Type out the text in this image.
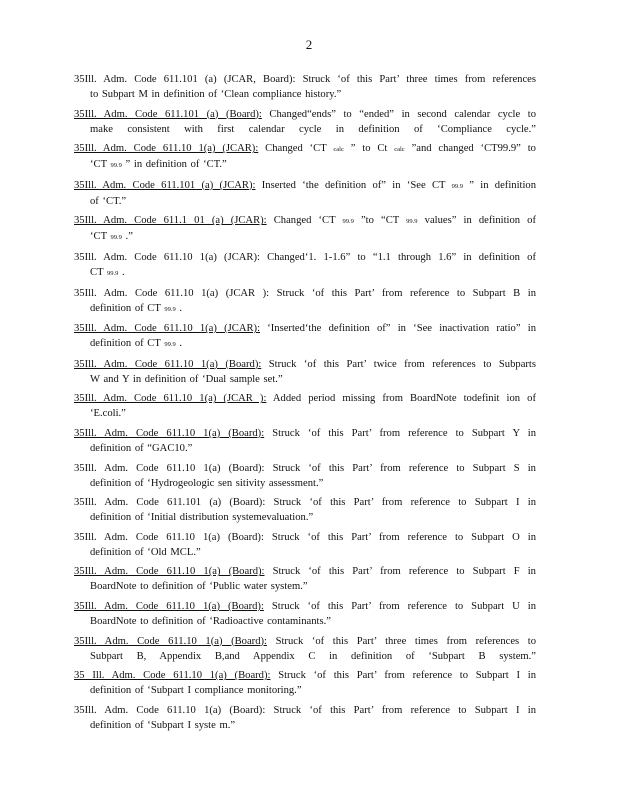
2

35Ill. Adm. Code 611.101 (a) (JCAR, Board): Struck ‘of this Part’ three times from references

to Subpart M in definition of ‘Clean compliance history.”

35Ill. Adm. Code 611.101 (a) (Board): Changed“ends” to “ended” in second calendar cycle to

make consistent with first calendar cycle in definition of ‘Compliance cycle.”

35Ill. Adm. Code 611.10 1(a) (JCAR): Changed ‘CT calc ” to Ct calc ”and changed ‘CT99.9” to

‘CT 99.9 ” in definition of ‘CT.”

35Ill. Adm. Code 611.101 (a) (JCAR): Inserted ‘the definition of” in ‘See CT 99.9 ” in definition

of ‘CT.”

35Ill. Adm. Code 611.1 01 (a) (JCAR): Changed ‘CT 99.9 ”to “CT 99.9 values” in definition of

‘CT 99.9 .”

35Ill. Adm. Code 611.10 1(a) (JCAR): Changed‘1. 1-1.6” to “1.1 through 1.6” in definition of

CT 99.9 .

35Ill. Adm. Code 611.10 1(a) (JCAR ): Struck ‘of this Part’ from reference to Subpart B in

definition of CT 99.9 .

35Ill. Adm. Code 611.10 1(a) (JCAR): ‘Inserted‘the definition of” in ‘See inactivation ratio” in

definition of CT 99.9 .

35Ill. Adm. Code 611.10 1(a) (Board): Struck ‘of this Part’ twice from references to Subparts

W and Y in definition of ‘Dual sample set.”

35Ill. Adm. Code 611.10 1(a) (JCAR ): Added period missing from BoardNote todefinit ion of

‘E.coli.”

35Ill. Adm. Code 611.10 1(a) (Board): Struck ‘of this Part’ from reference to Subpart Y in

definition of “GAC10.”

35Ill. Adm. Code 611.10 1(a) (Board): Struck ‘of this Part’ from reference to Subpart S in

definition of ‘Hydrogeologic sen sitivity assessment.”

35Ill. Adm. Code 611.101 (a) (Board): Struck ‘of this Part’ from reference to Subpart I in

definition of ‘Initial distribution systemevaluation.”

35Ill. Adm. Code 611.10 1(a) (Board): Struck ‘of this Part’ from reference to Subpart O in

definition of ‘Old MCL.”

35Ill. Adm. Code 611.10 1(a) (Board): Struck ‘of this Part’ from reference to Subpart F in

BoardNote to definition of ‘Public water system.”

35Ill. Adm. Code 611.10 1(a) (Board): Struck ‘of this Part’ from reference to Subpart U in

BoardNote to definition of ‘Radioactive contaminants.”

35Ill. Adm. Code 611.10 1(a) (Board): Struck ‘of this Part’ three times from references to

Subpart B, Appendix B,and Appendix C in definition of ‘Subpart B system.”

35 Ill. Adm. Code 611.10 1(a) (Board): Struck ‘of this Part’ from reference to Subpart I in

definition of ‘Subpart I compliance monitoring.”

35Ill. Adm. Code 611.10 1(a) (Board): Struck ‘of this Part’ from reference to Subpart I in

definition of ‘Subpart I syste m.”
